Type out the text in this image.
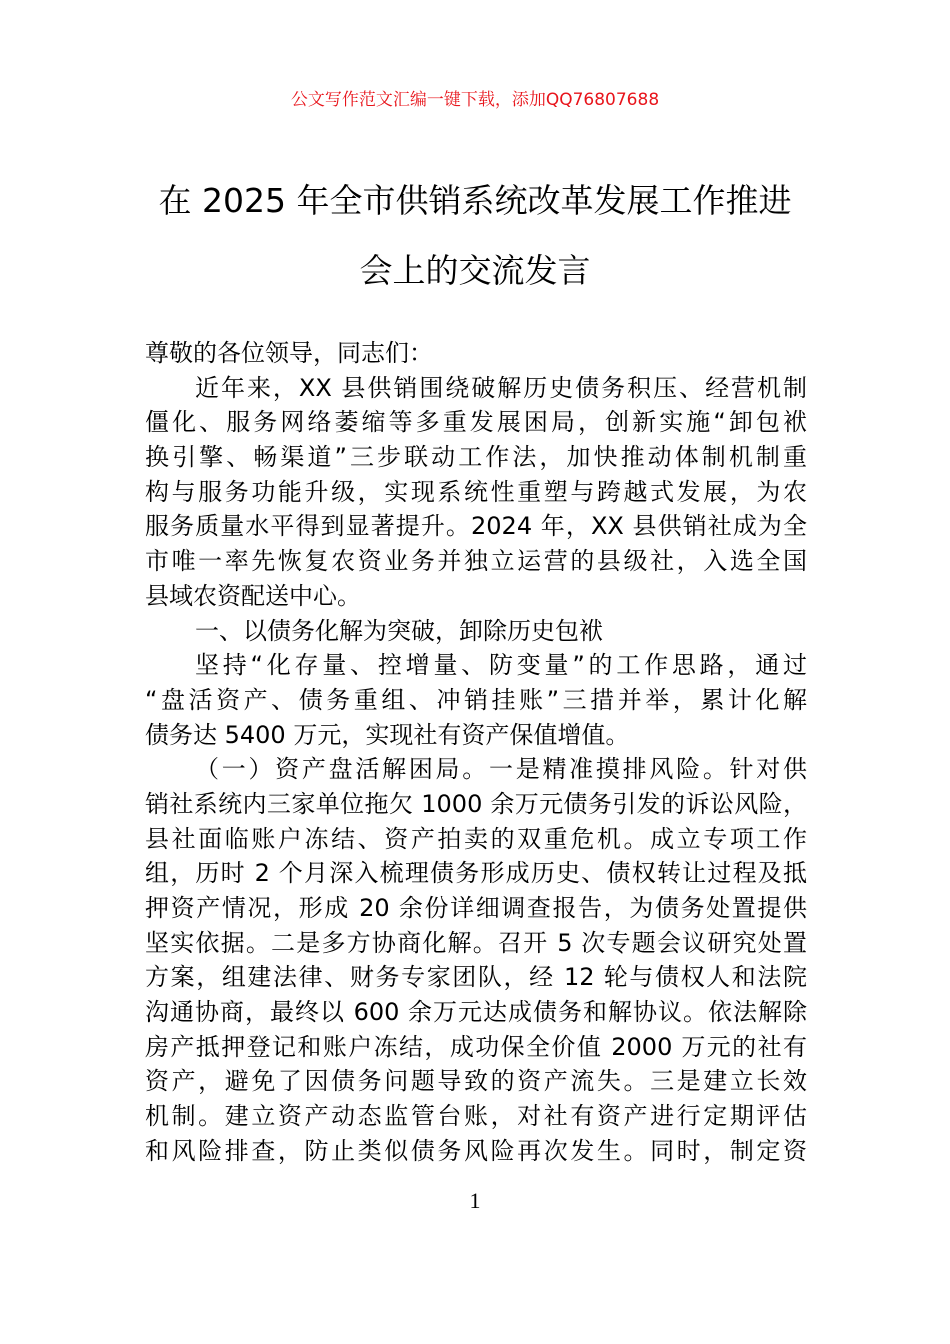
公文写作范文汇编一键下载，添加QQ76807688
在 2025 年全市供销系统改革发展工作推进
会上的交流发言
尊敬的各位领导，同志们：
近年来，XX 县供销围绕破解历史债务积压、经营机制
僵化、服务网络萎缩等多重发展困局，创新实施“卸包袱
换引擎、畅渠道”三步联动工作法，加快推动体制机制重
构与服务功能升级，实现系统性重塑与跨越式发展，为农
服务质量水平得到显著提升。2024 年，XX 县供销社成为全
市唯一率先恢复农资业务并独立运营的县级社，入选全国
县域农资配送中心。
一、以债务化解为突破，卸除历史包袱
坚持“化存量、控增量、防变量”的工作思路，通过
“盘活资产、债务重组、冲销挂账”三措并举，累计化解
债务达 5400 万元，实现社有资产保值增值。
（一）资产盘活解困局。一是精准摸排风险。针对供
销社系统内三家单位拖欠 1000 余万元债务引发的诉讼风险，
县社面临账户冻结、资产拍卖的双重危机。成立专项工作
组，历时 2 个月深入梳理债务形成历史、债权转让过程及抵
押资产情况，形成 20 余份详细调查报告，为债务处置提供
坚实依据。二是多方协商化解。召开 5 次专题会议研究处置
方案，组建法律、财务专家团队，经 12 轮与债权人和法院
沟通协商，最终以 600 余万元达成债务和解协议。依法解除
房产抵押登记和账户冻结，成功保全价值 2000 万元的社有
资产，避免了因债务问题导致的资产流失。三是建立长效
机制。建立资产动态监管台账，对社有资产进行定期评估
和风险排查，防止类似债务风险再次发生。同时，制定资
1
